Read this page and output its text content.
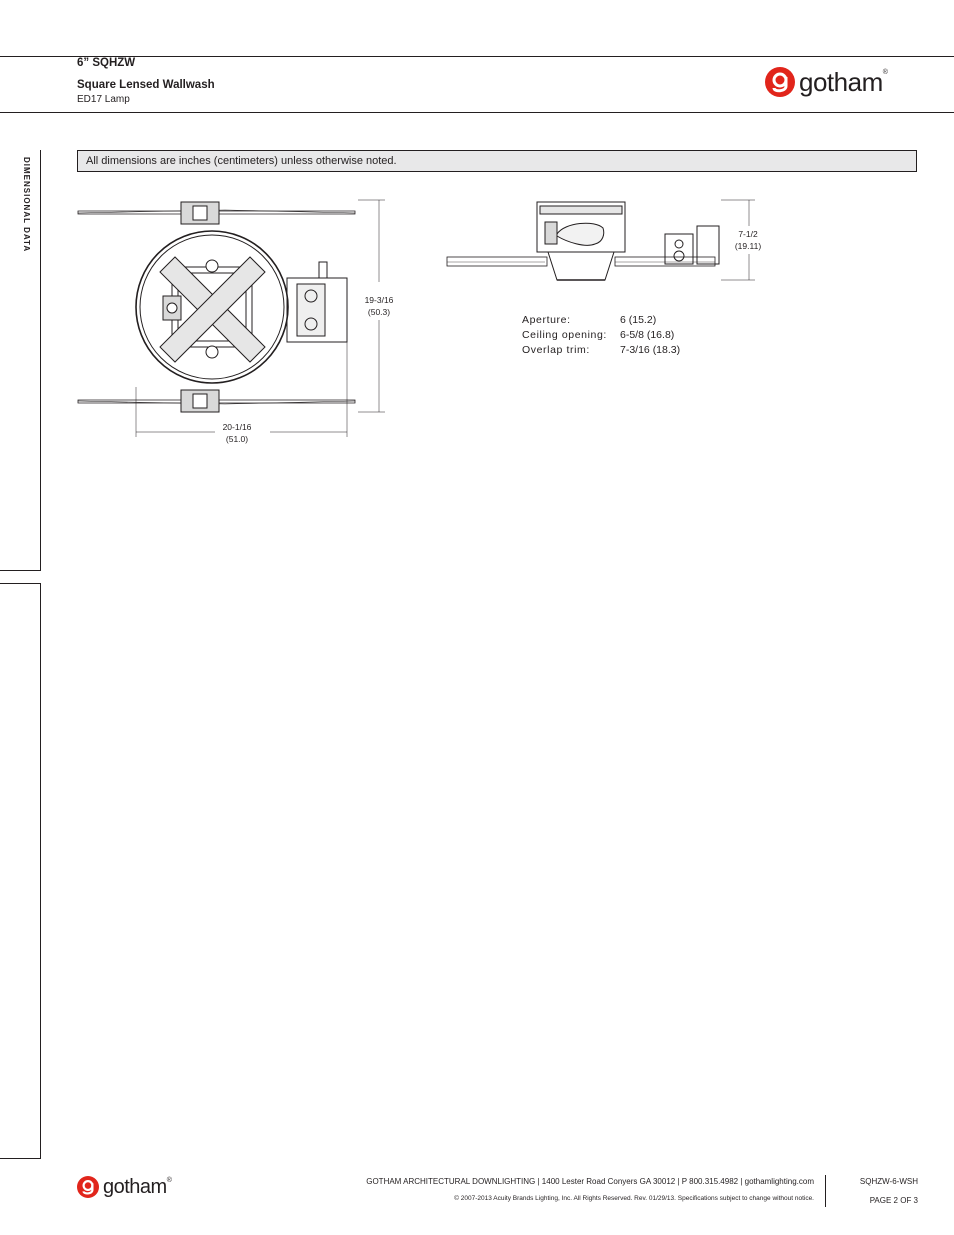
6” SQHZW
Square Lensed Wallwash
ED17 Lamp
gotham®
DIMENSIONAL DATA	All dimensions are inches (centimeters) unless otherwise noted.
19-3/16
(50.3)
20-1/16
(51.0)
7-1/2
(19.11)
Aperture:	6 (15.2)
Ceiling opening: 6-5/8 (16.8)
Overlap trim:	7-3/16 (18.3)
gotham®	GOTHAM ARCHITECTURAL DOWNLIGHTING | 1400 Lester Road Conyers GA 30012 | P 800.315.4982 | gothamlighting.com
© 2007-2013 Acuity Brands Lighting, Inc. All Rights Reserved. Rev. 01/29/13. Specifications subject to change without notice.
SQHZW-6-WSH
PAGE 2 OF 3
